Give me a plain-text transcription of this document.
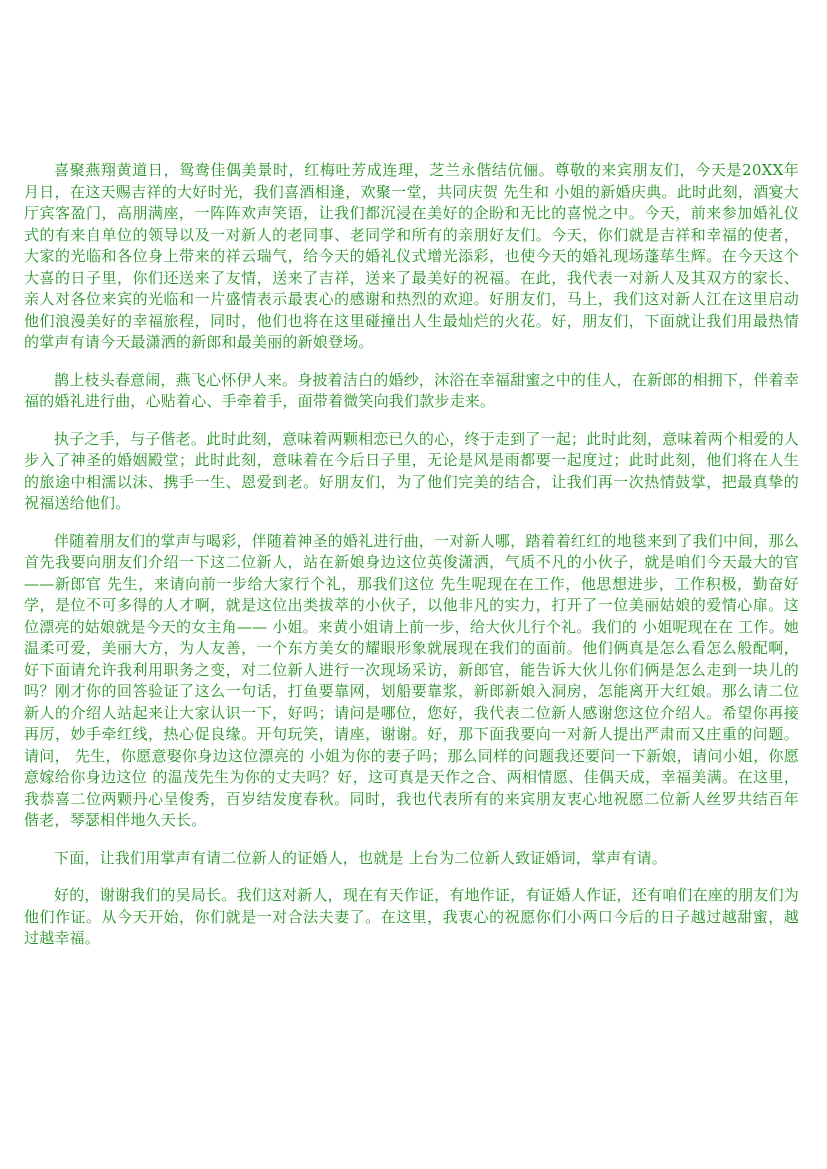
喜聚燕翔黄道日，鸳鸯佳偶美景时，红梅吐芳成连理，芝兰永偕结伉俪。尊敬的来宾朋友们，今天是20XX年 月日，在这天赐吉祥的大好时光，我们喜酒相逢，欢聚一堂，共同庆贺 先生和 小姐的新婚庆典。此时此刻，酒宴大厅宾客盈门，高朋满座，一阵阵欢声笑语，让我们都沉浸在美好的企盼和无比的喜悦之中。今天，前来参加婚礼仪式的有来自单位的领导以及一对新人的老同事、老同学和所有的亲朋好友们。今天，你们就是吉祥和幸福的使者，大家的光临和各位身上带来的祥云瑞气，给今天的婚礼仪式增光添彩，也使今天的婚礼现场蓬荜生辉。在今天这个大喜的日子里，你们还送来了友情，送来了吉祥，送来了最美好的祝福。在此，我代表一对新人及其双方的家长、亲人对各位来宾的光临和一片盛情表示最衷心的感谢和热烈的欢迎。好朋友们，马上，我们这对新人江在这里启动他们浪漫美好的幸福旅程，同时，他们也将在这里碰撞出人生最灿烂的火花。好，朋友们，下面就让我们用最热情的掌声有请今天最潇洒的新郎和最美丽的新娘登场。

鹊上枝头春意闹，燕飞心怀伊人来。身披着洁白的婚纱，沐浴在幸福甜蜜之中的佳人，在新郎的相拥下，伴着幸福的婚礼进行曲，心贴着心、手牵着手，面带着微笑向我们款步走来。

执子之手，与子偕老。此时此刻，意味着两颗相恋已久的心，终于走到了一起；此时此刻，意味着两个相爱的人步入了神圣的婚姻殿堂；此时此刻，意味着在今后日子里，无论是风是雨都要一起度过；此时此刻，他们将在人生的旅途中相濡以沫、携手一生、恩爱到老。好朋友们，为了他们完美的结合，让我们再一次热情鼓掌，把最真挚的祝福送给他们。

伴随着朋友们的掌声与喝彩，伴随着神圣的婚礼进行曲，一对新人哪，踏着着红红的地毯来到了我们中间，那么首先我要向朋友们介绍一下这二位新人，站在新娘身边这位英俊潇洒，气质不凡的小伙子，就是咱们今天最大的官——新郎官 先生，来请向前一步给大家行个礼，那我们这位 先生呢现在在工作，他思想进步，工作积极，勤奋好学，是位不可多得的人才啊，就是这位出类拔萃的小伙子，以他非凡的实力，打开了一位美丽姑娘的爱情心扉。这位漂亮的姑娘就是今天的女主角—— 小姐。来黄小姐请上前一步，给大伙儿行个礼。我们的 小姐呢现在在 工作。她温柔可爱，美丽大方，为人友善，一个东方美女的耀眼形象就展现在我们的面前。他们俩真是怎么看怎么般配啊，好下面请允许我利用职务之变，对二位新人进行一次现场采访，新郎官，能告诉大伙儿你们俩是怎么走到一块儿的吗？刚才你的回答验证了这么一句话，打鱼要靠网，划船要靠浆，新郎新娘入洞房，怎能离开大红娘。那么请二位新人的介绍人站起来让大家认识一下，好吗；请问是哪位，您好，我代表二位新人感谢您这位介绍人。希望你再接再厉，妙手牵红线，热心促良缘。开句玩笑，请座，谢谢。好，那下面我要向一对新人提出严肃而又庄重的问题。请问， 先生，你愿意娶你身边这位漂亮的 小姐为你的妻子吗；那么同样的问题我还要问一下新娘，请问小姐，你愿意嫁给你身边这位 的温茂先生为你的丈夫吗？好，这可真是天作之合、两相情愿、佳偶天成，幸福美满。在这里，我恭喜二位两颗丹心呈俊秀，百岁结发度春秋。同时，我也代表所有的来宾朋友衷心地祝愿二位新人丝罗共结百年偕老，琴瑟相伴地久天长。

下面，让我们用掌声有请二位新人的证婚人，也就是 上台为二位新人致证婚词，掌声有请。

好的，谢谢我们的吴局长。我们这对新人，现在有天作证，有地作证，有证婚人作证，还有咱们在座的朋友们为他们作证。从今天开始，你们就是一对合法夫妻了。在这里，我衷心的祝愿你们小两口今后的日子越过越甜蜜，越过越幸福。
